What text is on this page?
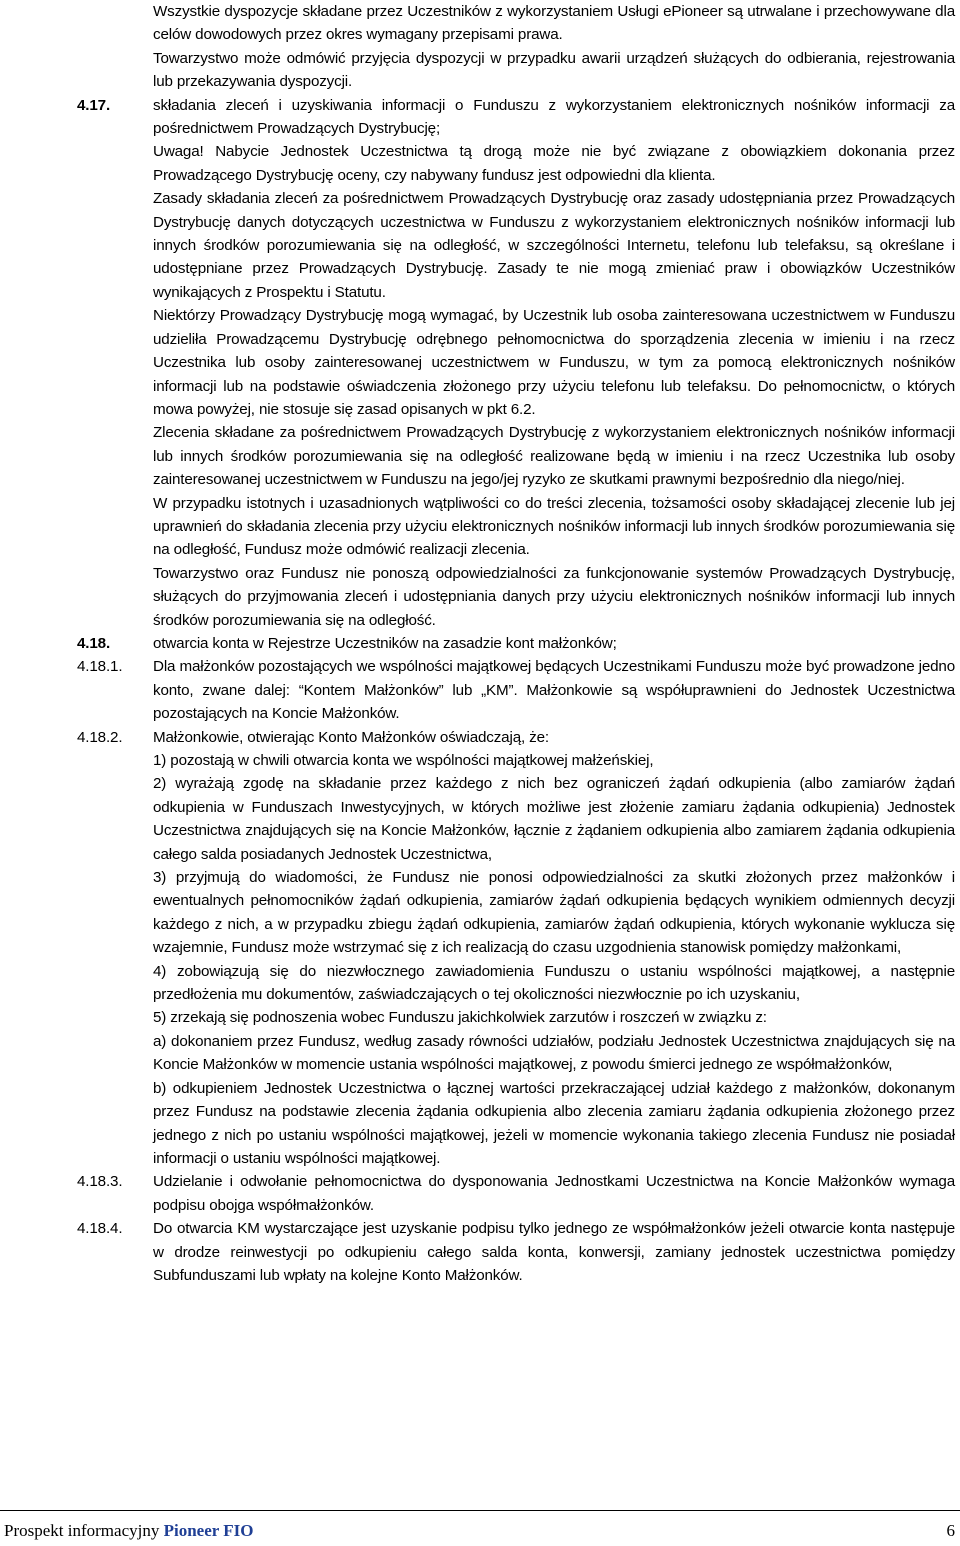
Wszystkie dyspozycje składane przez Uczestników z wykorzystaniem Usługi ePioneer są utrwalane i przechowywane dla celów dowodowych przez okres wymagany przepisami prawa.
Towarzystwo może odmówić przyjęcia dyspozycji w przypadku awarii urządzeń służących do odbierania, rejestrowania lub przekazywania dyspozycji.
4.17.	składania zleceń i uzyskiwania informacji o Funduszu z wykorzystaniem elektronicznych nośników informacji za pośrednictwem Prowadzących Dystrybucję;
Uwaga! Nabycie Jednostek Uczestnictwa tą drogą może nie być związane z obowiązkiem dokonania przez Prowadzącego Dystrybucję oceny, czy nabywany fundusz jest odpowiedni dla klienta.
Zasady składania zleceń za pośrednictwem Prowadzących Dystrybucję oraz zasady udostępniania przez Prowadzących Dystrybucję danych dotyczących uczestnictwa w Funduszu z wykorzystaniem elektronicznych nośników informacji lub innych środków porozumiewania się na odległość, w szczególności Internetu, telefonu lub telefaksu, są określane i udostępniane przez Prowadzących Dystrybucję. Zasady te nie mogą zmieniać praw i obowiązków Uczestników wynikających z Prospektu i Statutu.
Niektórzy Prowadzący Dystrybucję mogą wymagać, by Uczestnik lub osoba zainteresowana uczestnictwem w Funduszu udzieliła Prowadzącemu Dystrybucję odrębnego pełnomocnictwa do sporządzenia zlecenia w imieniu i na rzecz Uczestnika lub osoby zainteresowanej uczestnictwem w Funduszu, w tym za pomocą elektronicznych nośników informacji lub na podstawie oświadczenia złożonego przy użyciu telefonu lub telefaksu. Do pełnomocnictw, o których mowa powyżej, nie stosuje się zasad opisanych w pkt 6.2.
Zlecenia składane za pośrednictwem Prowadzących Dystrybucję z wykorzystaniem elektronicznych nośników informacji lub innych środków porozumiewania się na odległość realizowane będą w imieniu i na rzecz Uczestnika lub osoby zainteresowanej uczestnictwem w Funduszu na jego/jej ryzyko ze skutkami prawnymi bezpośrednio dla niego/niej.
W przypadku istotnych i uzasadnionych wątpliwości co do treści zlecenia, tożsamości osoby składającej zlecenie lub jej uprawnień do składania zlecenia przy użyciu elektronicznych nośników informacji lub innych środków porozumiewania się na odległość, Fundusz może odmówić realizacji zlecenia.
Towarzystwo oraz Fundusz nie ponoszą odpowiedzialności za funkcjonowanie systemów Prowadzących Dystrybucję, służących do przyjmowania zleceń i udostępniania danych przy użyciu elektronicznych nośników informacji lub innych środków porozumiewania się na odległość.
4.18.	otwarcia konta w Rejestrze Uczestników na zasadzie kont małżonków;
4.18.1.	Dla małżonków pozostających we wspólności majątkowej będących Uczestnikami Funduszu może być prowadzone jedno konto, zwane dalej: “Kontem Małżonków” lub „KM”. Małżonkowie są współuprawnieni do Jednostek Uczestnictwa pozostających na Koncie Małżonków.
4.18.2.	Małżonkowie, otwierając Konto Małżonków oświadczają, że:
1) pozostają w chwili otwarcia konta we wspólności majątkowej małżeńskiej,
2) wyrażają zgodę na składanie przez każdego z nich bez ograniczeń żądań odkupienia (albo zamiarów żądań odkupienia w Funduszach Inwestycyjnych, w których możliwe jest złożenie zamiaru żądania odkupienia) Jednostek Uczestnictwa znajdujących się na Koncie Małżonków, łącznie z żądaniem odkupienia albo zamiarem żądania odkupienia całego salda posiadanych Jednostek Uczestnictwa,
3) przyjmują do wiadomości, że Fundusz nie ponosi odpowiedzialności za skutki złożonych przez małżonków i ewentualnych pełnomocników żądań odkupienia, zamiarów żądań odkupienia będących wynikiem odmiennych decyzji każdego z nich, a w przypadku zbiegu żądań odkupienia, zamiarów żądań odkupienia, których wykonanie wyklucza się wzajemnie, Fundusz może wstrzymać się z ich realizacją do czasu uzgodnienia stanowisk pomiędzy małżonkami,
4) zobowiązują się do niezwłocznego zawiadomienia Funduszu o ustaniu wspólności majątkowej, a następnie przedłożenia mu dokumentów, zaświadczających o tej okoliczności niezwłocznie po ich uzyskaniu,
5) zrzekają się podnoszenia wobec Funduszu jakichkolwiek zarzutów i roszczeń w związku z:
a) dokonaniem przez Fundusz, według zasady równości udziałów, podziału Jednostek Uczestnictwa znajdujących się na Koncie Małżonków w momencie ustania wspólności majątkowej, z powodu śmierci jednego ze współmałżonków,
b) odkupieniem Jednostek Uczestnictwa o łącznej wartości przekraczającej udział każdego z małżonków, dokonanym przez Fundusz na podstawie zlecenia żądania odkupienia albo zlecenia zamiaru żądania odkupienia złożonego przez jednego z nich po ustaniu wspólności majątkowej, jeżeli w momencie wykonania takiego zlecenia Fundusz nie posiadał informacji o ustaniu wspólności majątkowej.
4.18.3.	Udzielanie i odwołanie pełnomocnictwa do dysponowania Jednostkami Uczestnictwa na Koncie Małżonków wymaga podpisu obojga współmałżonków.
4.18.4.	Do otwarcia KM wystarczające jest uzyskanie podpisu tylko jednego ze współmałżonków jeżeli otwarcie konta następuje w drodze reinwestycji po odkupieniu całego salda konta, konwersji, zamiany jednostek uczestnictwa pomiędzy Subfunduszami lub wpłaty na kolejne Konto Małżonków.
Prospekt informacyjny Pioneer FIO	6
